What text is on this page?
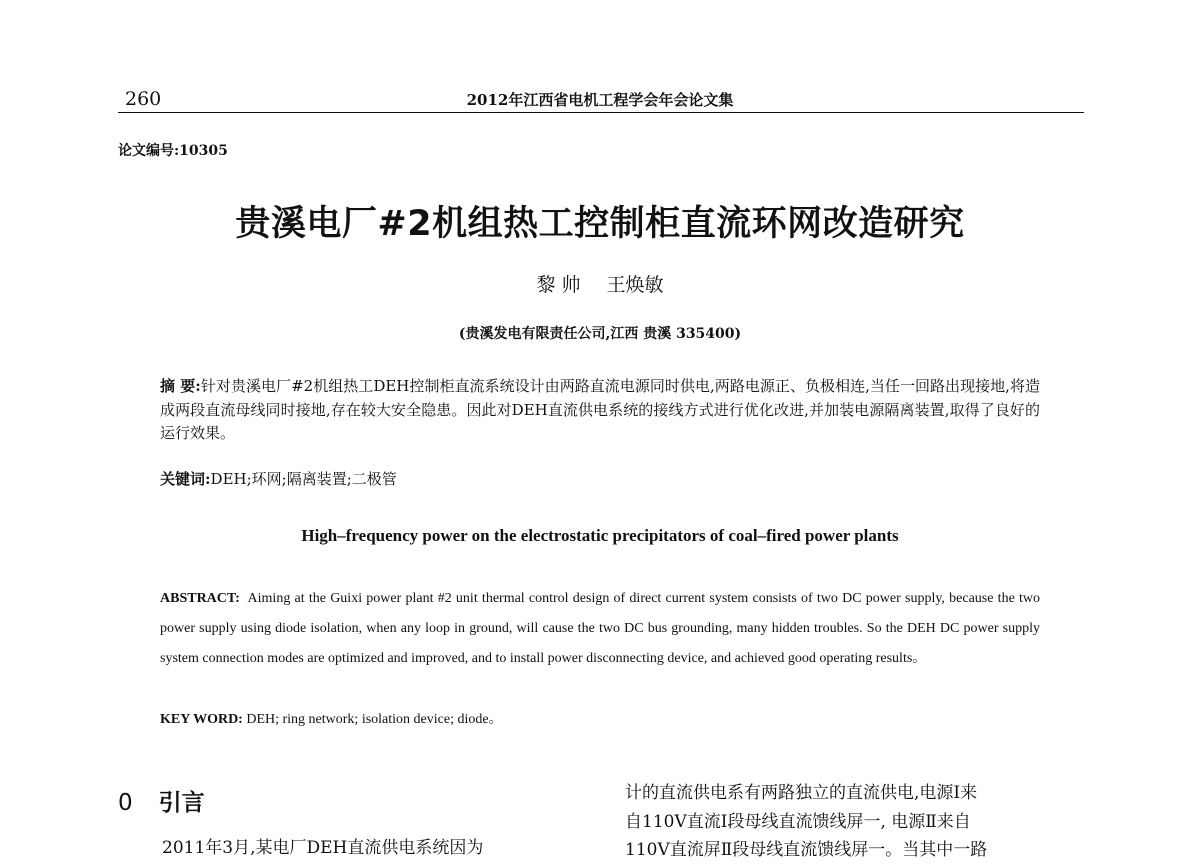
260	2012年江西省电机工程学会年会论文集
论文编号:10305
贵溪电厂#2机组热工控制柜直流环网改造研究
黎 帅 王焕敏
(贵溪发电有限责任公司,江西 贵溪 335400)
摘 要:针对贵溪电厂#2机组热工DEH控制柜直流系统设计由两路直流电源同时供电,两路电源正、负极相连,当任一回路出现接地,将造成两段直流母线同时接地,存在较大安全隐患。因此对DEH直流供电系统的接线方式进行优化改进,并加装电源隔离装置,取得了良好的运行效果。
关键词:DEH;环网;隔离装置;二极管
High–frequency power on the electrostatic precipitators of coal–fired power plants
ABSTRACT: Aiming at the Guixi power plant #2 unit thermal control design of direct current system consists of two DC power supply, because the two power supply using diode isolation, when any loop in ground, will cause the two DC bus grounding, many hidden troubles. So the DEH DC power supply system connection modes are optimized and improved, and to install power disconnecting device, and achieved good operating results。
KEY WORD: DEH; ring network; isolation device; diode。
0 引言
2011年3月,某电厂DEH直流供电系统因为
计的直流供电系有两路独立的直流供电,电源Ⅰ来
自110V直流Ⅰ段母线直流馈线屏一, 电源Ⅱ来自
110V直流屏Ⅱ段母线直流馈线屏一。当其中一路
